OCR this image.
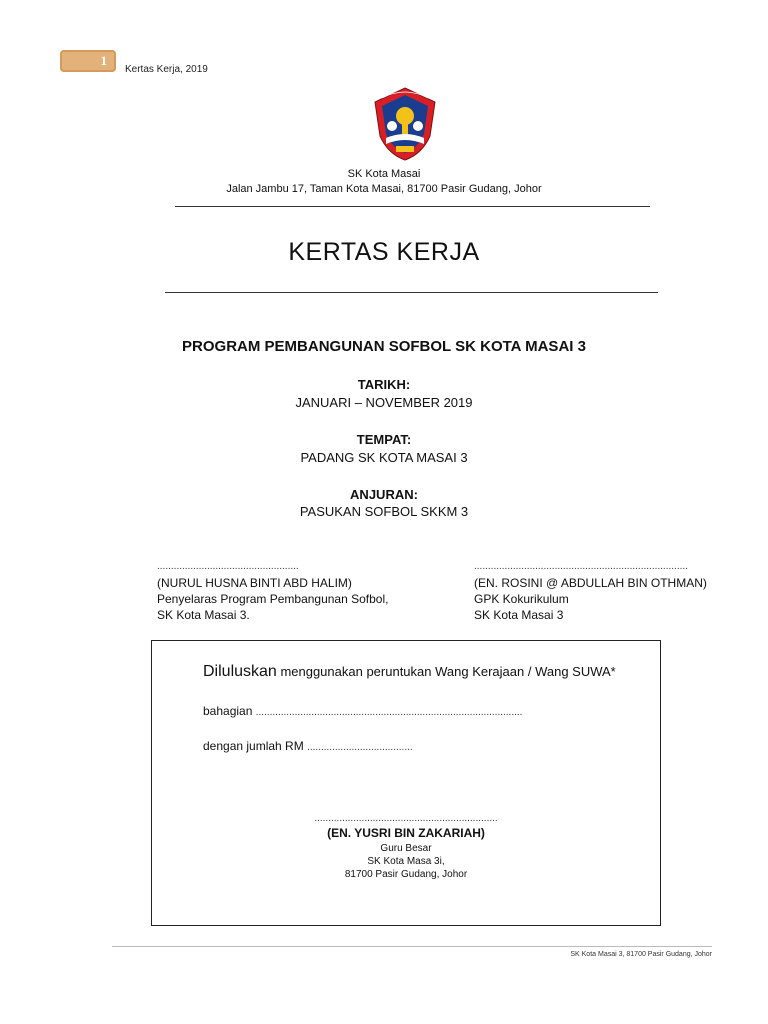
1
Kertas Kerja, 2019
SK Kota Masai
Jalan Jambu 17, Taman Kota Masai, 81700 Pasir Gudang, Johor
KERTAS KERJA
PROGRAM PEMBANGUNAN SOFBOL SK KOTA MASAI 3
TARIKH:
JANUARI – NOVEMBER 2019
TEMPAT:
PADANG SK KOTA MASAI 3
ANJURAN:
PASUKAN SOFBOL SKKM 3
...................................................
(NURUL HUSNA BINTI ABD HALIM)
Penyelaras Program Pembangunan Sofbol,
SK Kota Masai 3.
.............................................................................
(EN. ROSINI @ ABDULLAH BIN OTHMAN)
GPK Kokurikulum
SK Kota Masai 3
Diluluskan menggunakan peruntukan Wang Kerajaan / Wang SUWA*
bahagian ................................................................................................
dengan jumlah RM ......................................
..................................................................
(EN. YUSRI BIN ZAKARIAH)
Guru Besar
SK Kota Masa 3i,
81700 Pasir Gudang, Johor
SK Kota Masai 3, 81700 Pasir Gudang, Johor
